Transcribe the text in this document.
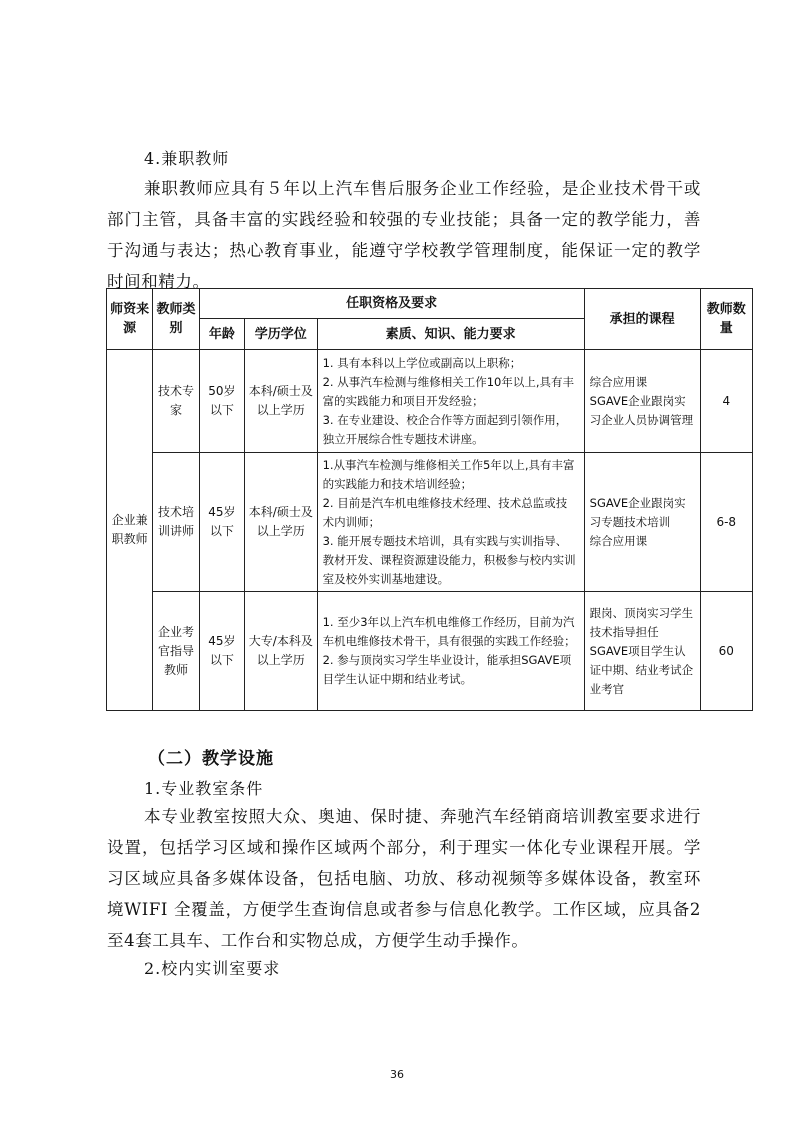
4.兼职教师

兼职教师应具有５年以上汽车售后服务企业工作经验，是企业技术骨干或部门主管，具备丰富的实践经验和较强的专业技能；具备一定的教学能力，善于沟通与表达；热心教育事业，能遵守学校教学管理制度，能保证一定的教学时间和精力。

师资来源	教师类别	任职资格及要求			承担的课程	教师数量
		年龄	学历学位	素质、知识、能力要求		
企业兼职教师	技术专家	50岁以下	本科/硕士及以上学历	1. 具有本科以上学位或副高以上职称；
2. 从事汽车检测与维修相关工作10年以上,具有丰富的实践能力和项目开发经验；
3. 在专业建设、校企合作等方面起到引领作用，独立开展综合性专题技术讲座。	综合应用课
SGAVE企业跟岗实习企业人员协调管理	4
	技术培训讲师	45岁以下	本科/硕士及以上学历	1.从事汽车检测与维修相关工作5年以上,具有丰富的实践能力和技术培训经验；
2. 目前是汽车机电维修技术经理、技术总监或技术内训师；
3. 能开展专题技术培训，具有实践与实训指导、教材开发、课程资源建设能力，积极参与校内实训室及校外实训基地建设。	SGAVE企业跟岗实习专题技术培训
综合应用课	6-8
	企业考官指导教师	45岁以下	大专/本科及以上学历	1. 至少3年以上汽车机电维修工作经历，目前为汽车机电维修技术骨干，具有很强的实践工作经验；
2. 参与顶岗实习学生毕业设计，能承担SGAVE项目学生认证中期和结业考试。	跟岗、顶岗实习学生技术指导担任SGAVE项目学生认证中期、结业考试企业考官	60
（二）教学设施
1.专业教室条件

本专业教室按照大众、奥迪、保时捷、奔驰汽车经销商培训教室要求进行设置，包括学习区域和操作区域两个部分，利于理实一体化专业课程开展。学习区域应具备多媒体设备，包括电脑、功放、移动视频等多媒体设备，教室环境WIFI 全覆盖，方便学生查询信息或者参与信息化教学。工作区域，应具备2至4套工具车、工作台和实物总成，方便学生动手操作。

2.校内实训室要求
36
